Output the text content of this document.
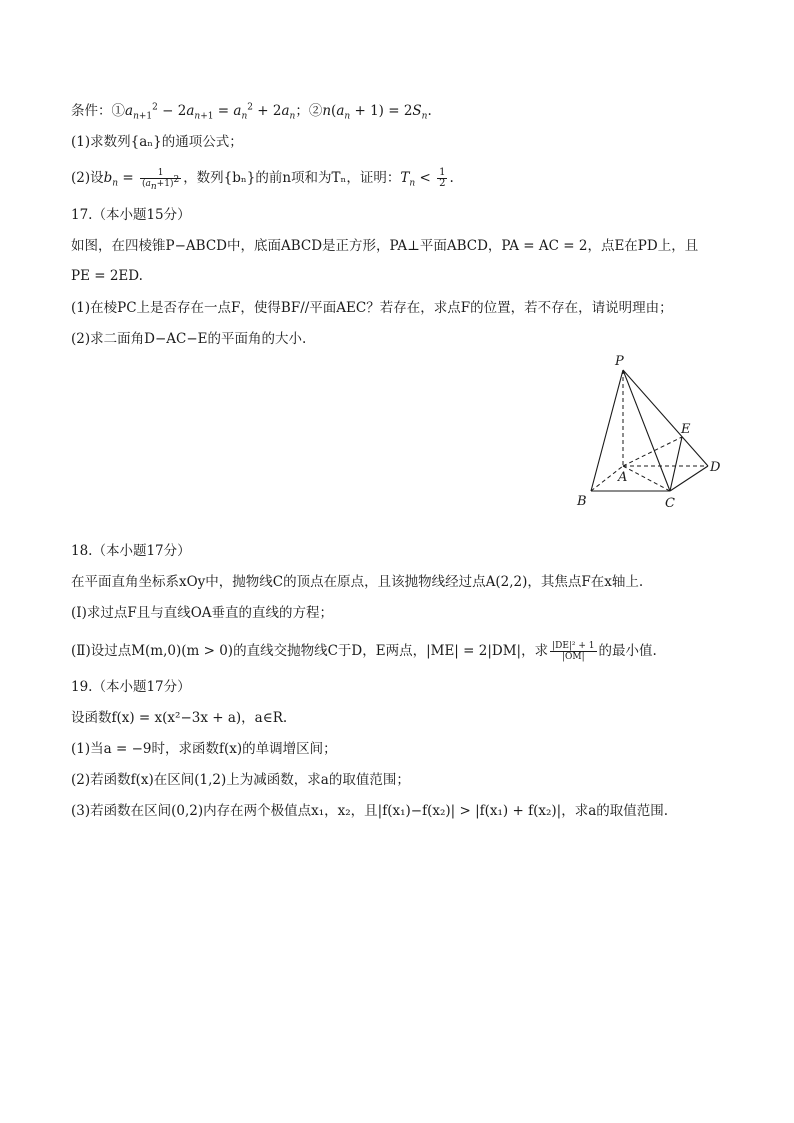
条件：$①a_{n+1}^2 - 2a_{n+1} = a_n^2 + 2a_n$；$②n(a_n + 1) = 2S_n$.
(1)求数列{aₙ}的通项公式；
(2)设$b_n = \frac{1}{(a_n+1)^2}$ ，数列{bₙ}的前n项和为Tₙ，证明：$T_n < \frac{1}{2}$ .
17.（本小题15分）
如图，在四棱锥P−ABCD中，底面ABCD是正方形，PA⊥平面ABCD，PA = AC = 2，点E在PD上，且
PE = 2ED.
(1)在棱PC上是否存在一点F，使得BF//平面AEC？若存在，求点F的位置，若不存在，请说明理由；
(2)求二面角D−AC−E的平面角的大小.
P
E
A
D
B	C
18.（本小题17分）
在平面直角坐标系xOy中，抛物线C的顶点在原点，且该抛物线经过点A(2,2)，其焦点F在x轴上.
(Ⅰ)求过点F且与直线OA垂直的直线的方程；
(Ⅱ)设过点M(m,0)(m > 0)的直线交抛物线C于D，E两点，|ME| = 2|DM|，求 $\frac{\text{|DE|² + 1}}{|OM|}$ 的最小值.
19.（本小题17分）
设函数f(x) = x(x²−3x + a)，a∈R.
(1)当a = −9时，求函数f(x)的单调增区间；
(2)若函数f(x)在区间(1,2)上为减函数，求a的取值范围；
(3)若函数在区间(0,2)内存在两个极值点x₁，x₂，且|f(x₁)−f(x₂)| > |f(x₁) + f(x₂)|，求a的取值范围.
